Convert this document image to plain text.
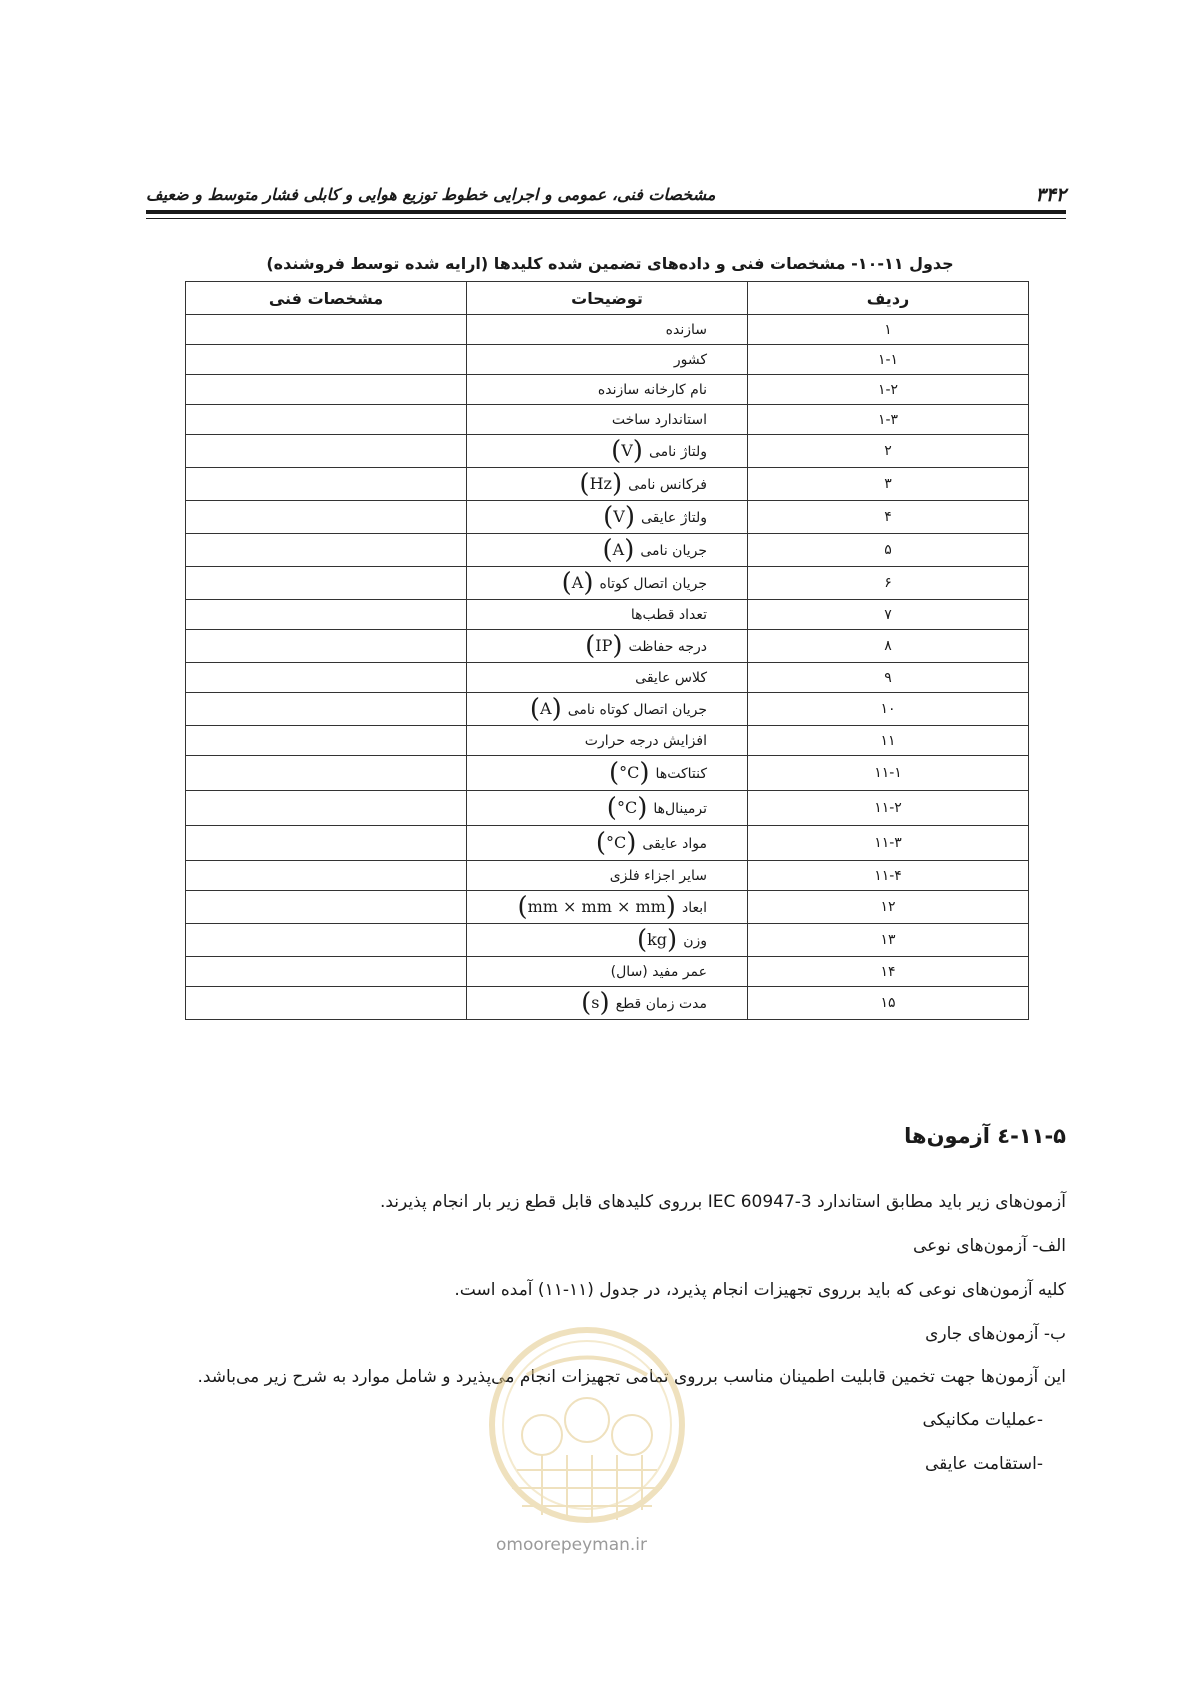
۳۴۲
مشخصات فنی، عمومی و اجرایی خطوط توزیع هوایی و کابلی فشار متوسط و ضعیف
جدول ۱۱-۱۰- مشخصات فنی و داده‌های تضمین شده کلیدها (ارایه شده توسط فروشنده)
ردیف	توضیحات	مشخصات فنی
۱	سازنده	
۱-۱	کشور	
۱-۲	نام کارخانه سازنده	
۱-۳	استاندارد ساخت	
۲	ولتاژ نامی(V)	
۳	فرکانس نامی(Hz)	
۴	ولتاژ عایقی(V)	
۵	جریان نامی(A)	
۶	جریان اتصال کوتاه(A)	
۷	تعداد قطب‌ها	
۸	درجه حفاظت(IP)	
۹	کلاس عایقی	
۱۰	جریان اتصال کوتاه نامی(A)	
۱۱	افزایش درجه حرارت	
۱۱-۱	کنتاکت‌ها(°C)	
۱۱-۲	ترمینال‌ها(°C)	
۱۱-۳	مواد عایقی(°C)	
۱۱-۴	سایر اجزاء فلزی	
۱۲	ابعاد(mm × mm × mm)	
۱۳	وزن(kg)	
۱۴	عمر مفید (سال)	
۱۵	مدت زمان قطع(s)	
۱۱-۵-٤ آزمون‌ها
آزمون‌های زیر باید مطابق استاندارد IEC 60947-3 برروی کلیدهای قابل قطع زیر بار انجام پذیرند.
الف- آزمون‌های نوعی
کلیه آزمون‌های نوعی که باید برروی تجهیزات انجام پذیرد، در جدول (۱۱-۱۱) آمده است.
ب- آزمون‌های جاری
این آزمون‌ها جهت تخمین قابلیت اطمینان مناسب برروی تمامی تجهیزات انجام می‌پذیرد و شامل موارد به شرح زیر می‌باشد.
-عملیات مکانیکی
-استقامت عایقی
omoorepeyman.ir
